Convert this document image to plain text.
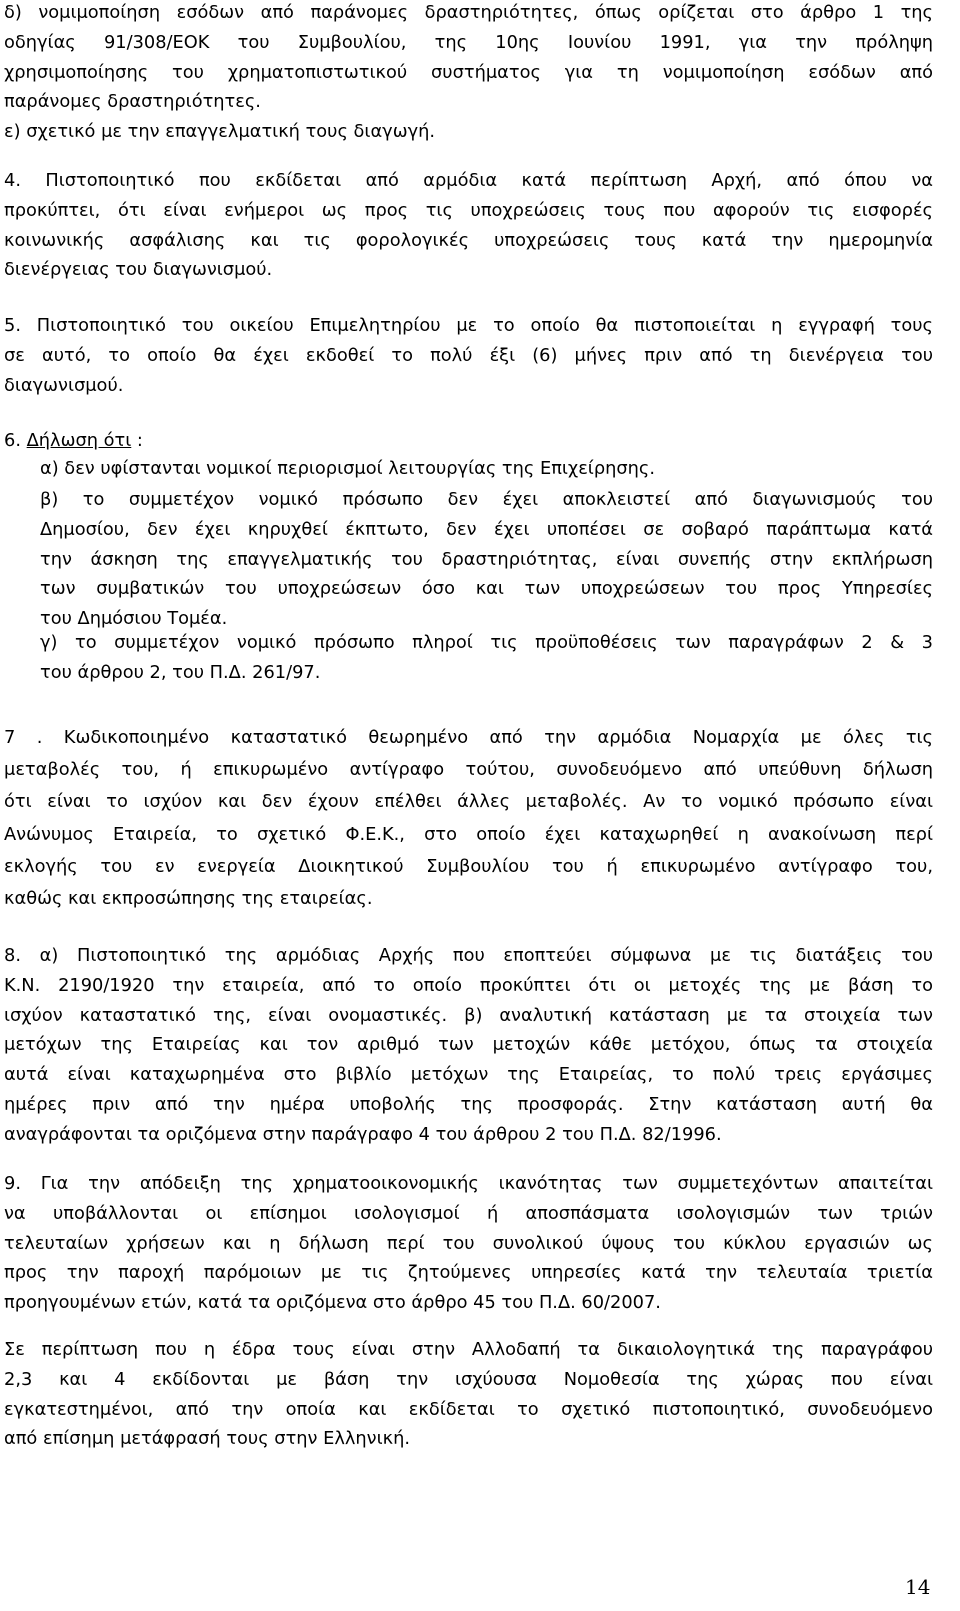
δ) νομιμοποίηση εσόδων από παράνομες δραστηριότητες, όπως ορίζεται στο άρθρο 1 της
οδηγίας 91/308/ΕΟΚ του Συμβουλίου, της 10ης Ιουνίου 1991, για την πρόληψη
χρησιμοποίησης του χρηματοπιστωτικού συστήματος για τη νομιμοποίηση εσόδων από
παράνομες δραστηριότητες.
ε) σχετικό με την επαγγελματική τους διαγωγή.
4. Πιστοποιητικό που εκδίδεται από αρμόδια κατά περίπτωση Αρχή, από όπου να
προκύπτει, ότι είναι ενήμεροι ως προς τις υποχρεώσεις τους που αφορούν τις εισφορές
κοινωνικής ασφάλισης και τις φορολογικές υποχρεώσεις τους κατά την ημερομηνία
διενέργειας του διαγωνισμού.
5. Πιστοποιητικό του οικείου Επιμελητηρίου με το οποίο θα πιστοποιείται η εγγραφή τους
σε αυτό, το οποίο θα έχει εκδοθεί το πολύ έξι (6) μήνες πριν από τη διενέργεια του
διαγωνισμού.
6. Δήλωση ότι :
α) δεν υφίστανται νομικοί περιορισμοί λειτουργίας της Επιχείρησης.
β) το συμμετέχον νομικό πρόσωπο δεν έχει αποκλειστεί από διαγωνισμούς του
Δημοσίου, δεν έχει κηρυχθεί έκπτωτο, δεν έχει υποπέσει σε σοβαρό παράπτωμα κατά
την άσκηση της επαγγελματικής του δραστηριότητας, είναι συνεπής στην εκπλήρωση
των συμβατικών του υποχρεώσεων όσο και των υποχρεώσεων του προς Υπηρεσίες
του Δημόσιου Τομέα.
γ) το συμμετέχον νομικό πρόσωπο πληροί τις προϋποθέσεις των παραγράφων 2 & 3
του άρθρου 2, του Π.Δ. 261/97.
7 . Κωδικοποιημένο καταστατικό θεωρημένο από την αρμόδια Νομαρχία με όλες τις
μεταβολές του, ή επικυρωμένο αντίγραφο τούτου, συνοδευόμενο από υπεύθυνη δήλωση
ότι είναι το ισχύον και δεν έχουν επέλθει άλλες μεταβολές. Αν το νομικό πρόσωπο είναι
Ανώνυμος Εταιρεία, το σχετικό Φ.Ε.Κ., στο οποίο έχει καταχωρηθεί η ανακοίνωση περί
εκλογής του εν ενεργεία Διοικητικού Συμβουλίου του ή επικυρωμένο αντίγραφο του,
καθώς και εκπροσώπησης της εταιρείας.
8. α) Πιστοποιητικό της αρμόδιας Αρχής που εποπτεύει σύμφωνα με τις διατάξεις του
Κ.Ν. 2190/1920 την εταιρεία, από το οποίο προκύπτει ότι οι μετοχές της με βάση το
ισχύον καταστατικό της, είναι ονομαστικές. β) αναλυτική κατάσταση με τα στοιχεία των
μετόχων της Εταιρείας και τον αριθμό των μετοχών κάθε μετόχου, όπως τα στοιχεία
αυτά είναι καταχωρημένα στο βιβλίο μετόχων της Εταιρείας, το πολύ τρεις εργάσιμες
ημέρες πριν από την ημέρα υποβολής της προσφοράς. Στην κατάσταση αυτή θα
αναγράφονται τα οριζόμενα στην παράγραφο 4 του άρθρου 2 του Π.Δ. 82/1996.
9. Για την απόδειξη της χρηματοοικονομικής ικανότητας των συμμετεχόντων απαιτείται
να υποβάλλονται οι επίσημοι ισολογισμοί ή αποσπάσματα ισολογισμών των τριών
τελευταίων χρήσεων και η δήλωση περί του συνολικού ύψους του κύκλου εργασιών ως
προς την παροχή παρόμοιων με τις ζητούμενες υπηρεσίες κατά την τελευταία τριετία
προηγουμένων ετών, κατά τα οριζόμενα στο άρθρο 45 του Π.Δ. 60/2007.
Σε περίπτωση που η έδρα τους είναι στην Αλλοδαπή τα δικαιολογητικά της παραγράφου
2,3 και 4 εκδίδονται με βάση την ισχύουσα Νομοθεσία της χώρας που είναι
εγκατεστημένοι, από την οποία και εκδίδεται το σχετικό πιστοποιητικό, συνοδευόμενο
από επίσημη μετάφρασή τους στην Ελληνική.
14
